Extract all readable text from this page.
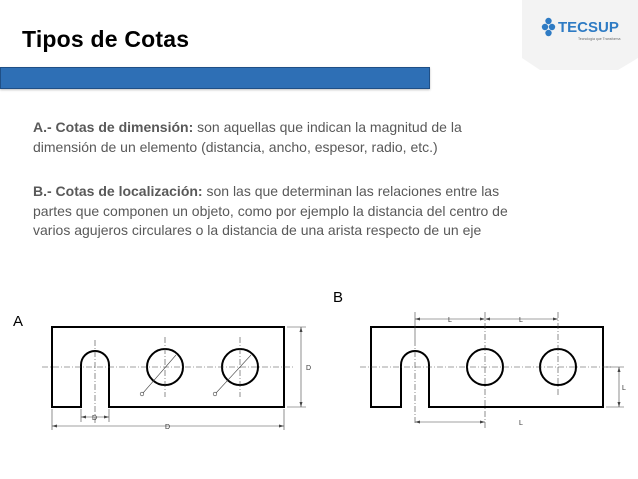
Tipos de Cotas	TECSUP
Tecnología que Transforma

A.- Cotas de dimensión: son aquellas que indican la magnitud de la dimensión de un elemento (distancia, ancho, espesor, radio, etc.)

B.- Cotas de localización: son las que determinan las relaciones entre las partes que componen un objeto, como por ejemplo la distancia del centro de varios agujeros circulares o la distancia de una arista respecto de un eje

A
B
D
D
D
L	L
L
L
